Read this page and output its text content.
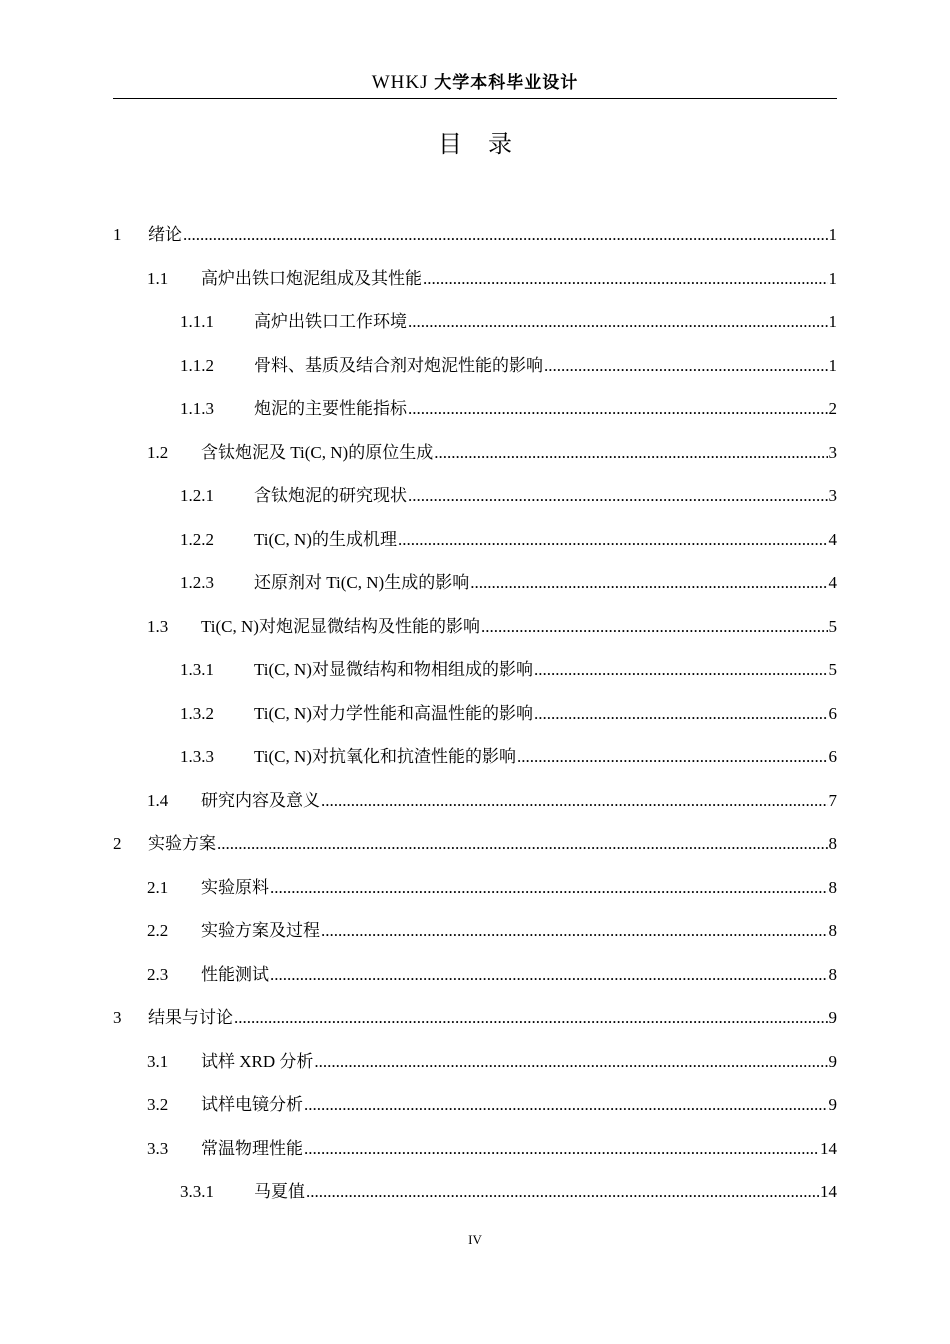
WHKJ 大学本科毕业设计
目录
1	绪论 .....	1
1.1	高炉出铁口炮泥组成及其性能 .....	1
1.1.1	高炉出铁口工作环境 .....	1
1.1.2	骨料、基质及结合剂对炮泥性能的影响 .....	1
1.1.3	炮泥的主要性能指标 .....	2
1.2	含钛炮泥及 Ti(C, N)的原位生成 .....	3
1.2.1	含钛炮泥的研究现状 .....	3
1.2.2	Ti(C, N)的生成机理 .....	4
1.2.3	还原剂对 Ti(C, N)生成的影响 .....	4
1.3	Ti(C, N)对炮泥显微结构及性能的影响 .....	5
1.3.1	Ti(C, N)对显微结构和物相组成的影响 .....	5
1.3.2	Ti(C, N)对力学性能和高温性能的影响 .....	6
1.3.3	Ti(C, N)对抗氧化和抗渣性能的影响 .....	6
1.4	研究内容及意义 .....	7
2	实验方案 .....	8
2.1	实验原料 .....	8
2.2	实验方案及过程 .....	8
2.3	性能测试 .....	8
3	结果与讨论 .....	9
3.1	试样 XRD 分析 .....	9
3.2	试样电镜分析 .....	9
3.3	常温物理性能 .....	14
3.3.1	马夏值 .....	14
IV
